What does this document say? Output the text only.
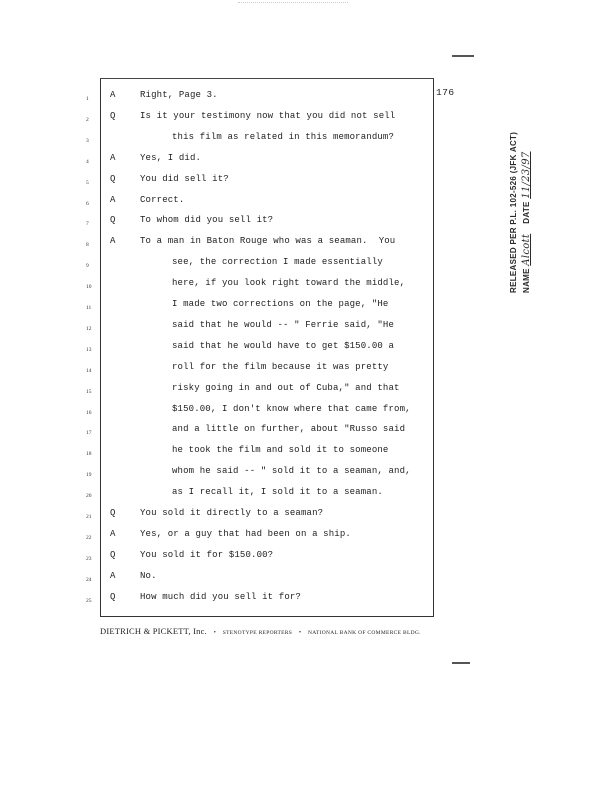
176
1
2
3
4
5
6
7
8
9
10
11
12
13
14
15
16
17
18
19
20
21
22
23
24
25
A	Right, Page 3.
Q	Is it your testimony now that you did not sell
this film as related in this memorandum?
A	Yes, I did.
Q	You did sell it?
A	Correct.
Q	To whom did you sell it?
A	To a man in Baton Rouge who was a seaman.  You
see, the correction I made essentially
here, if you look right toward the middle,
I made two corrections on the page, "He
said that he would -- " Ferrie said, "He
said that he would have to get $150.00 a
roll for the film because it was pretty
risky going in and out of Cuba," and that
$150.00, I don't know where that came from,
and a little on further, about "Russo said
he took the film and sold it to someone
whom he said -- " sold it to a seaman, and,
as I recall it, I sold it to a seaman.
Q	You sold it directly to a seaman?
A	Yes, or a guy that had been on a ship.
Q	You sold it for $150.00?
A	No.
Q	How much did you sell it for?
RELEASED PER P.L. 102-526 (JFK ACT) NAME Alcott    DATE 11/23/97
DIETRICH & PICKETT, Inc. • STENOTYPE REPORTERS • NATIONAL BANK OF COMMERCE BLDG.
